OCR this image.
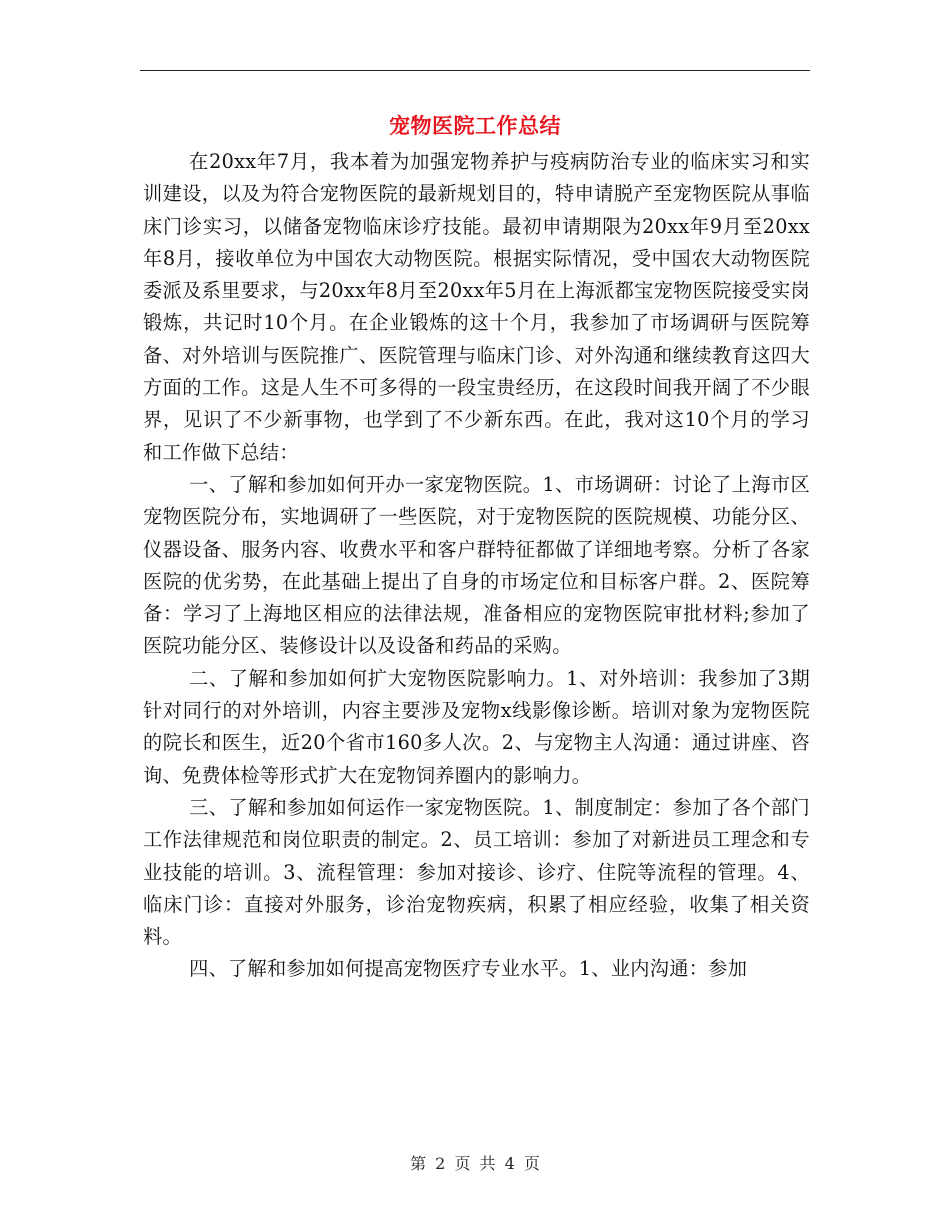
宠物医院工作总结

在20xx年7月，我本着为加强宠物养护与疫病防治专业的临床实习和实训建设，以及为符合宠物医院的最新规划目的，特申请脱产至宠物医院从事临床门诊实习，以储备宠物临床诊疗技能。最初申请期限为20xx年9月至20xx年8月，接收单位为中国农大动物医院。根据实际情况，受中国农大动物医院委派及系里要求，与20xx年8月至20xx年5月在上海派都宝宠物医院接受实岗锻炼，共记时10个月。在企业锻炼的这十个月，我参加了市场调研与医院筹备、对外培训与医院推广、医院管理与临床门诊、对外沟通和继续教育这四大方面的工作。这是人生不可多得的一段宝贵经历，在这段时间我开阔了不少眼界，见识了不少新事物，也学到了不少新东西。在此，我对这10个月的学习和工作做下总结：

一、了解和参加如何开办一家宠物医院。1、市场调研：讨论了上海市区宠物医院分布，实地调研了一些医院，对于宠物医院的医院规模、功能分区、仪器设备、服务内容、收费水平和客户群特征都做了详细地考察。分析了各家医院的优劣势，在此基础上提出了自身的市场定位和目标客户群。2、医院筹备：学习了上海地区相应的法律法规，准备相应的宠物医院审批材料;参加了医院功能分区、装修设计以及设备和药品的采购。

二、了解和参加如何扩大宠物医院影响力。1、对外培训：我参加了3期针对同行的对外培训，内容主要涉及宠物x线影像诊断。培训对象为宠物医院的院长和医生，近20个省市160多人次。2、与宠物主人沟通：通过讲座、咨询、免费体检等形式扩大在宠物饲养圈内的影响力。

三、了解和参加如何运作一家宠物医院。1、制度制定：参加了各个部门工作法律规范和岗位职责的制定。2、员工培训：参加了对新进员工理念和专业技能的培训。3、流程管理：参加对接诊、诊疗、住院等流程的管理。4、临床门诊：直接对外服务，诊治宠物疾病，积累了相应经验，收集了相关资料。

四、了解和参加如何提高宠物医疗专业水平。1、业内沟通：参加

第 2 页 共 4 页
